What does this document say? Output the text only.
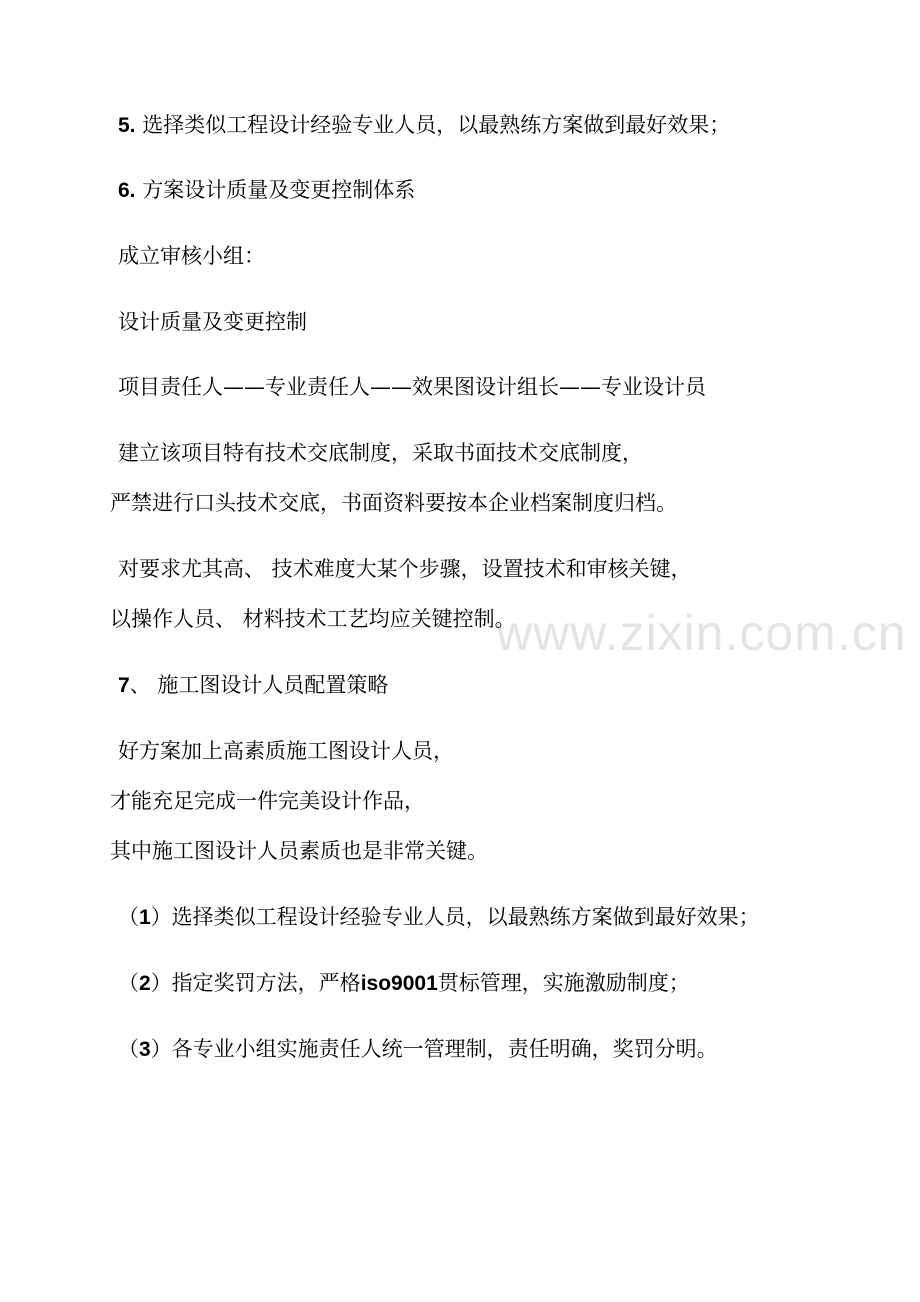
www.zixin.com.cn

5. 选择类似工程设计经验专业人员，以最熟练方案做到最好效果；

6. 方案设计质量及变更控制体系

成立审核小组：

设计质量及变更控制

项目责任人——专业责任人——效果图设计组长——专业设计员

建立该项目特有技术交底制度，采取书面技术交底制度，

严禁进行口头技术交底，书面资料要按本企业档案制度归档。

对要求尤其高、 技术难度大某个步骤，设置技术和审核关键，

以操作人员、 材料技术工艺均应关键控制。

7、 施工图设计人员配置策略

好方案加上高素质施工图设计人员，

才能充足完成一件完美设计作品，

其中施工图设计人员素质也是非常关键。

（1）选择类似工程设计经验专业人员，以最熟练方案做到最好效果；

（2）指定奖罚方法，严格iso9001贯标管理，实施激励制度；

（3）各专业小组实施责任人统一管理制，责任明确，奖罚分明。
